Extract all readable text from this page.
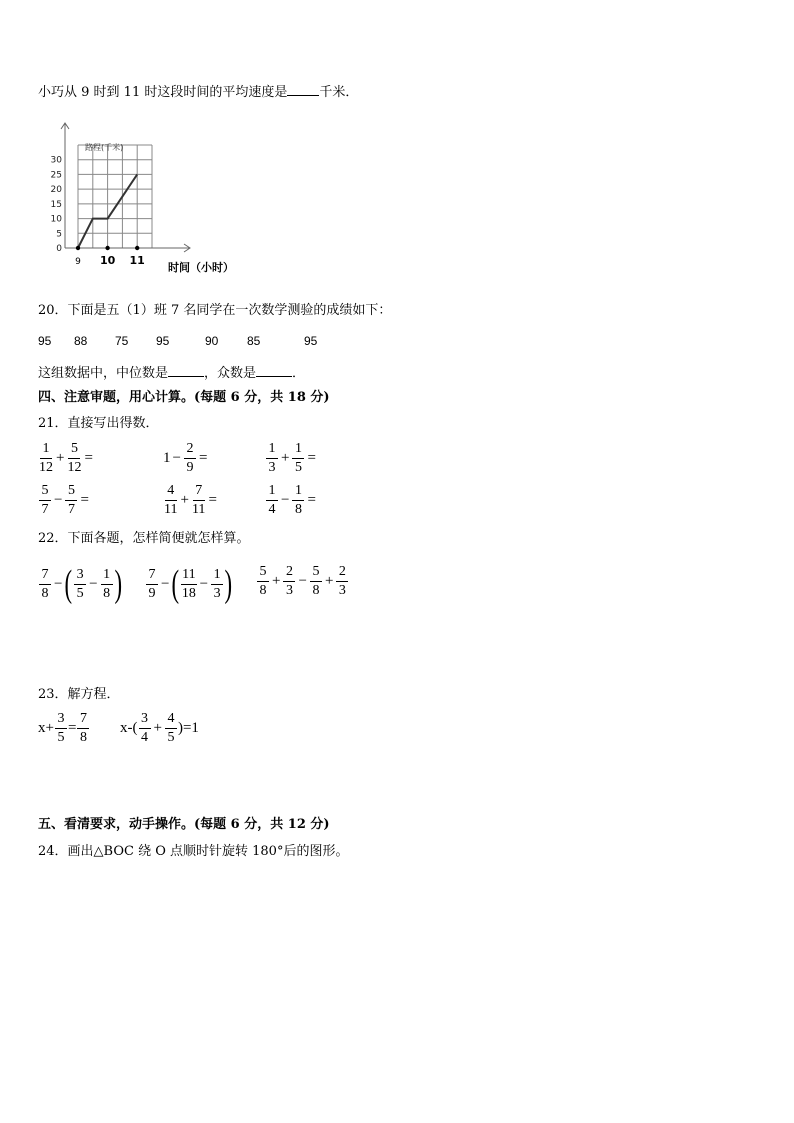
小巧从 9 时到 11 时这段时间的平均速度是 千米．
30
25
20
15
10
5
0
9 10 11
路程(千米)
时间（小时）
20．下面是五（1）班 7 名同学在一次数学测验的成绩如下：
95 88 75 95	90 85	95
这组数据中，中位数是	，众数是	．
四、注意审题，用心计算。(每题 6 分，共 18 分)
21．直接写出得数．
$\frac{1}{12} + \frac{5}{12}$ =	$1 - \frac{2}{9}$ =	$\frac{1}{3} + \frac{1}{5}$ =
$\frac{5}{7} - \frac{5}{7}$ =	$\frac{4}{11} + \frac{7}{11}$ =	$\frac{1}{4} - \frac{1}{8}$ =
22．下面各题，怎样简便就怎样算。
$\frac{7}{8}$ − ( $\frac{3}{5} - \frac{1}{8}$ ) $\frac{7}{9}$ − ( $\frac{11}{18} - \frac{1}{3}$ ) $\frac{5}{8} + \frac{2}{3} - \frac{5}{8} + \frac{2}{3}$
23．解方程．
$x+ \frac{3}{5} = \frac{7}{8} x-( \frac{3}{4} + \frac{4}{5} )=1$
五、看清要求，动手操作。(每题 6 分，共 12 分)
24．画出△BOC 绕 O 点顺时针旋转 180°后的图形。
